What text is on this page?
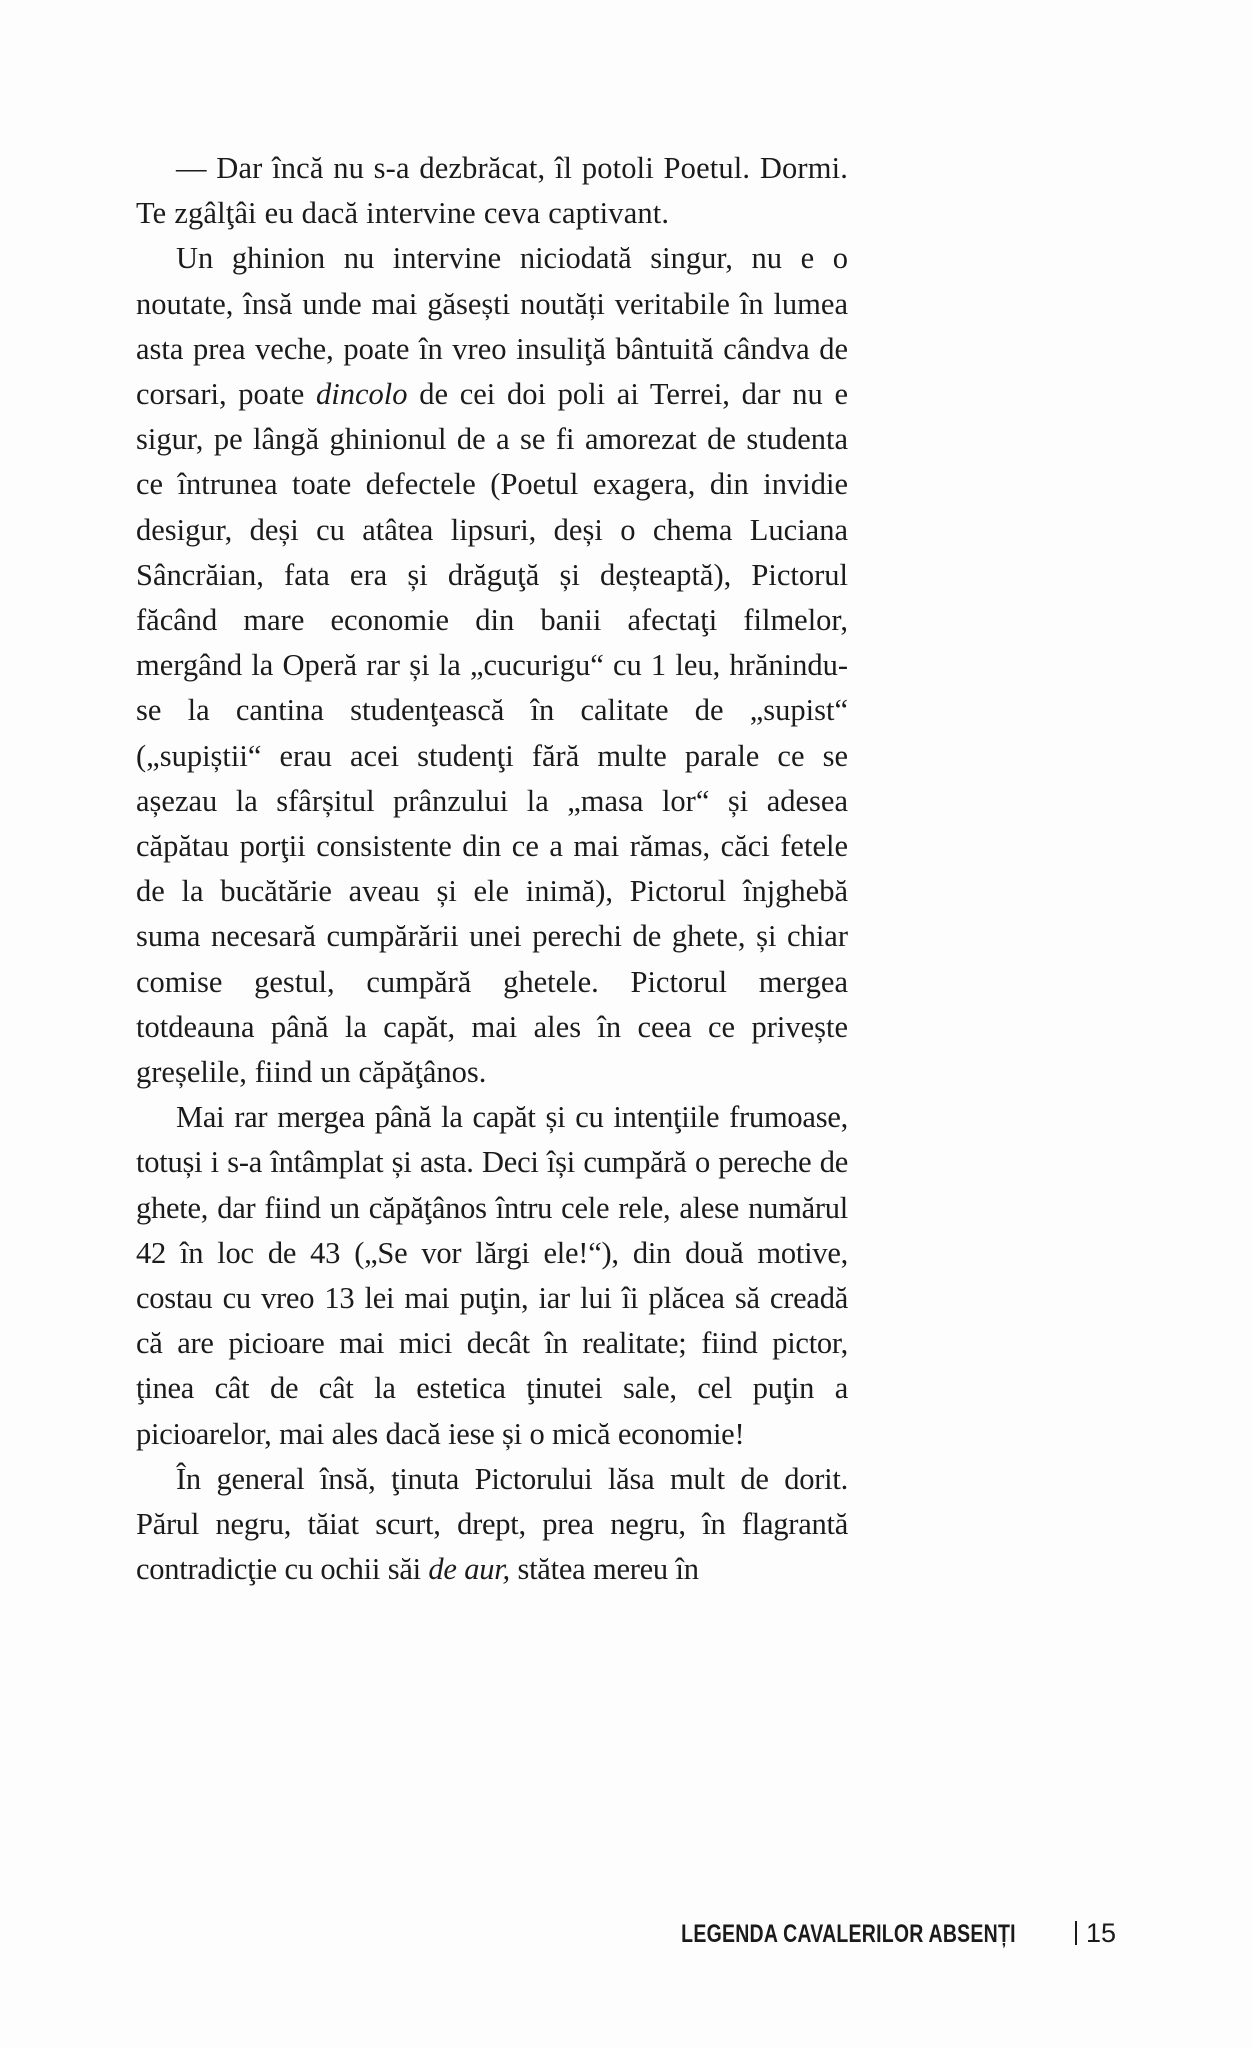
— Dar încă nu s-a dezbrăcat, îl potoli Poetul. Dormi. Te zgâlţâi eu dacă intervine ceva captivant.

Un ghinion nu intervine niciodată singur, nu e o noutate, însă unde mai găsești noutăți veritabile în lumea asta prea veche, poate în vreo insuliţă bântuită cândva de corsari, poate dincolo de cei doi poli ai Terrei, dar nu e sigur, pe lângă ghinionul de a se fi amorezat de studenta ce întrunea toate defectele (Poetul exagera, din invidie desigur, deși cu atâtea lipsuri, deși o chema Luciana Sâncrăian, fata era și drăguţă și deșteaptă), Pictorul făcând mare economie din banii afectaţi filmelor, mergând la Operă rar și la „cucurigu“ cu 1 leu, hrănindu-se la cantina studenţească în calitate de „supist“ („supiștii“ erau acei studenţi fără multe parale ce se așezau la sfârșitul prânzului la „masa lor“ și adesea căpătau porţii consistente din ce a mai rămas, căci fetele de la bucătărie aveau și ele inimă), Pictorul înjghebă suma necesară cumpărării unei perechi de ghete, și chiar comise gestul, cumpără ghetele. Pictorul mergea totdeauna până la capăt, mai ales în ceea ce privește greșelile, fiind un căpăţânos.

Mai rar mergea până la capăt și cu intenţiile frumoase, totuși i s-a întâmplat și asta. Deci își cumpără o pereche de ghete, dar fiind un căpăţânos întru cele rele, alese numărul 42 în loc de 43 („Se vor lărgi ele!“), din două motive, costau cu vreo 13 lei mai puţin, iar lui îi plăcea să creadă că are picioare mai mici decât în realitate; fiind pictor, ţinea cât de cât la estetica ţinutei sale, cel puţin a picioarelor, mai ales dacă iese și o mică economie!

În general însă, ţinuta Pictorului lăsa mult de dorit. Părul negru, tăiat scurt, drept, prea negru, în flagrantă contradicţie cu ochii săi de aur, stătea mereu în

LEGENDA CAVALERILOR ABSENȚI	15
